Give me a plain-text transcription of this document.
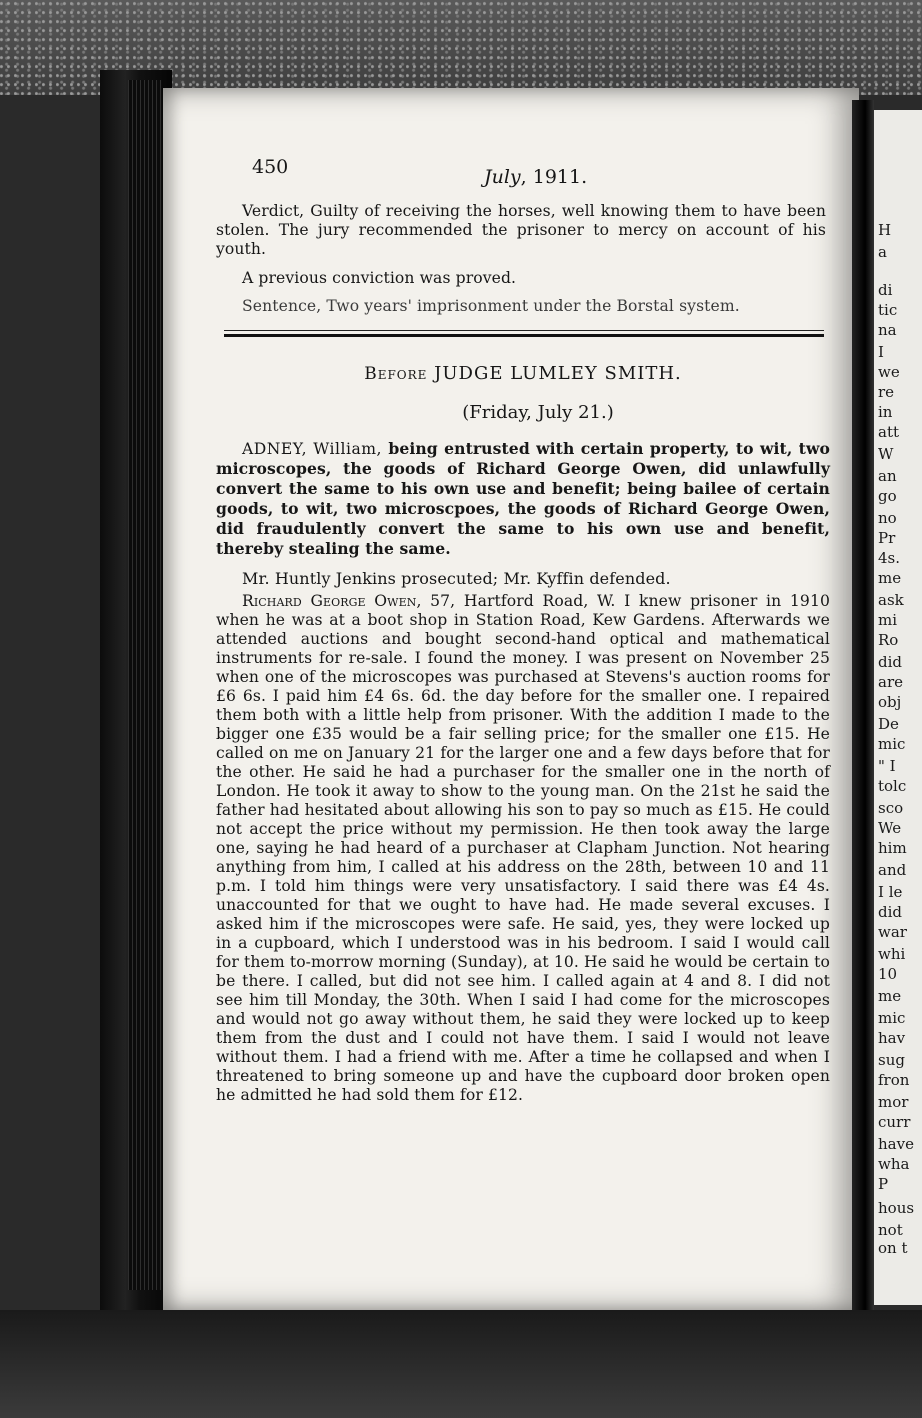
H
a
di
tic
na
I
we
re
in
att
W
an
go
no
Pr
4s.
me
ask
mi
Ro
did
are
obj
De
mic
" I
tolc
sco
We
him
and
I le
did
war
whi
10
me
mic
hav
sug
fron
mor
curr
have
wha
P
hous
not
on t
450	July, 1911.

Verdict, Guilty of receiving the horses, well knowing them to have been stolen. The jury recommended the prisoner to mercy on account of his youth.

A previous conviction was proved.

Sentence, Two years' imprisonment under the Borstal system.

Before JUDGE LUMLEY SMITH.
(Friday, July 21.)

ADNEY, William, being entrusted with certain property, to wit, two microscopes, the goods of Richard George Owen, did unlawfully convert the same to his own use and benefit; being bailee of certain goods, to wit, two microscpoes, the goods of Richard George Owen, did fraudulently convert the same to his own use and benefit, thereby stealing the same.

Mr. Huntly Jenkins prosecuted; Mr. Kyffin defended.

Richard George Owen, 57, Hartford Road, W. I knew prisoner in 1910 when he was at a boot shop in Station Road, Kew Gardens. Afterwards we attended auctions and bought second-hand optical and mathematical instruments for re-sale. I found the money. I was present on November 25 when one of the microscopes was purchased at Stevens's auction rooms for £6 6s. I paid him £4 6s. 6d. the day before for the smaller one. I repaired them both with a little help from prisoner. With the addition I made to the bigger one £35 would be a fair selling price; for the smaller one £15. He called on me on January 21 for the larger one and a few days before that for the other. He said he had a purchaser for the smaller one in the north of London. He took it away to show to the young man. On the 21st he said the father had hesitated about allowing his son to pay so much as £15. He could not accept the price without my permission. He then took away the large one, saying he had heard of a purchaser at Clapham Junction. Not hearing anything from him, I called at his address on the 28th, between 10 and 11 p.m. I told him things were very unsatisfactory. I said there was £4 4s. unaccounted for that we ought to have had. He made several excuses. I asked him if the microscopes were safe. He said, yes, they were locked up in a cupboard, which I understood was in his bedroom. I said I would call for them to-morrow morning (Sunday), at 10. He said he would be certain to be there. I called, but did not see him. I called again at 4 and 8. I did not see him till Monday, the 30th. When I said I had come for the microscopes and would not go away without them, he said they were locked up to keep them from the dust and I could not have them. I said I would not leave without them. I had a friend with me. After a time he collapsed and when I threatened to bring someone up and have the cupboard door broken open he admitted he had sold them for £12.
